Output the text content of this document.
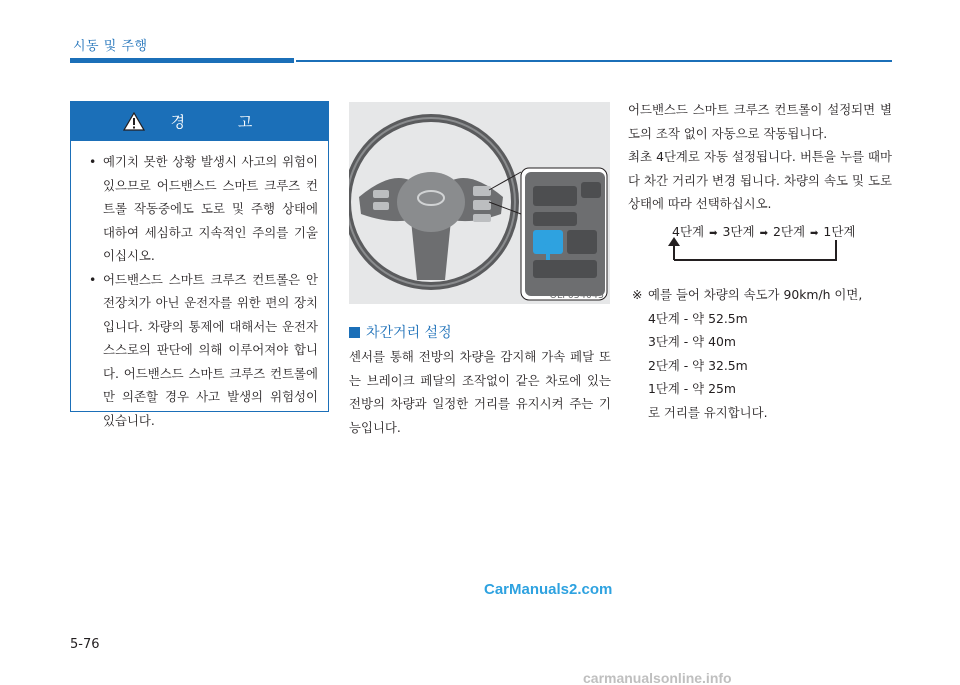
시동 및 주행
경 고
• 예기치 못한 상황 발생시 사고의 위험이 있으므로 어드밴스드 스마트 크루즈 컨트롤 작동중에도 도로 및 주행 상태에 대하여 세심하고 지속적인 주의를 기울이십시오.
• 어드밴스드 스마트 크루즈 컨트롤은 안전장치가 아닌 운전자를 위한 편의 장치입니다. 차량의 통제에 대해서는 운전자 스스로의 판단에 의해 이루어져야 합니다. 어드밴스드 스마트 크루즈 컨트롤에만 의존할 경우 사고 발생의 위험성이 있습니다.
OLF054045
차간거리 설정
센서를 통해 전방의 차량을 감지해 가속 페달 또는 브레이크 페달의 조작없이 같은 차로에 있는 전방의 차량과 일정한 거리를 유지시켜 주는 기능입니다.
어드밴스드 스마트 크루즈 컨트롤이 설정되면 별도의 조작 없이 자동으로 작동됩니다.
최초 4단계로 자동 설정됩니다. 버튼을 누를 때마다 차간 거리가 변경 됩니다. 차량의 속도 및 도로 상태에 따라 선택하십시오.
4단계 ➡ 3단계 ➡ 2단계 ➡ 1단계
※ 예를 들어 차량의 속도가 90km/h 이면,
4단계 - 약 52.5m
3단계 - 약 40m
2단계 - 약 32.5m
1단계 - 약 25m
로 거리를 유지합니다.
CarManuals2.com
5-76
carmanualsonline.info
